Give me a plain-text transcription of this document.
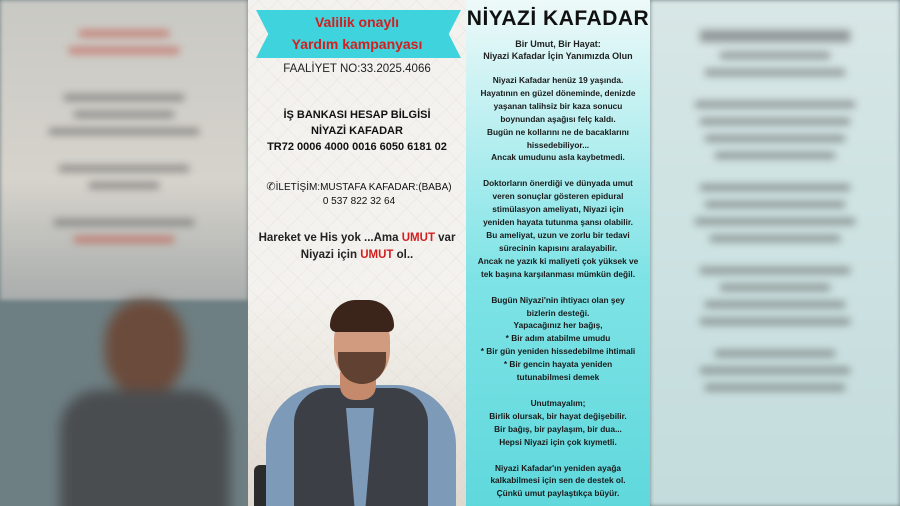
Valilik onaylı
Yardım kampanyası
FAALİYET NO:33.2025.4066
İŞ BANKASI HESAP BİLGİSİ
NİYAZİ KAFADAR
TR72 0006 4000 0016 6050 6181 02
✆İLETİŞİM:MUSTAFA KAFADAR:(BABA)
0 537 822 32 64
Hareket ve His yok ...Ama UMUT var
Niyazi için UMUT ol..
NİYAZİ KAFADAR
Bir Umut, Bir Hayat:
Niyazi Kafadar İçin Yanımızda Olun

Niyazi Kafadar henüz 19 yaşında.
Hayatının en güzel döneminde, denizde
yaşanan talihsiz bir kaza sonucu
boynundan aşağısı felç kaldı.
Bugün ne kollarını ne de bacaklarını
hissedebiliyor...
Ancak umudunu asla kaybetmedi.

Doktorların önerdiği ve dünyada umut
veren sonuçlar gösteren epidural
stimülasyon ameliyatı, Niyazi için
yeniden hayata tutunma şansı olabilir.
Bu ameliyat, uzun ve zorlu bir tedavi
sürecinin kapısını aralayabilir.
Ancak ne yazık ki maliyeti çok yüksek ve
tek başına karşılanması mümkün değil.

Bugün Niyazi'nin ihtiyacı olan şey
bizlerin desteği.
Yapacağınız her bağış,
* Bir adım atabilme umudu
* Bir gün yeniden hissedebilme ihtimali
* Bir gencin hayata yeniden
tutunabilmesi demek

Unutmayalım;
Birlik olursak, bir hayat değişebilir.
Bir bağış, bir paylaşım, bir dua...
Hepsi Niyazi için çok kıymetli.

Niyazi Kafadar'ın yeniden ayağa
kalkabilmesi için sen de destek ol.
Çünkü umut paylaştıkça büyür.
